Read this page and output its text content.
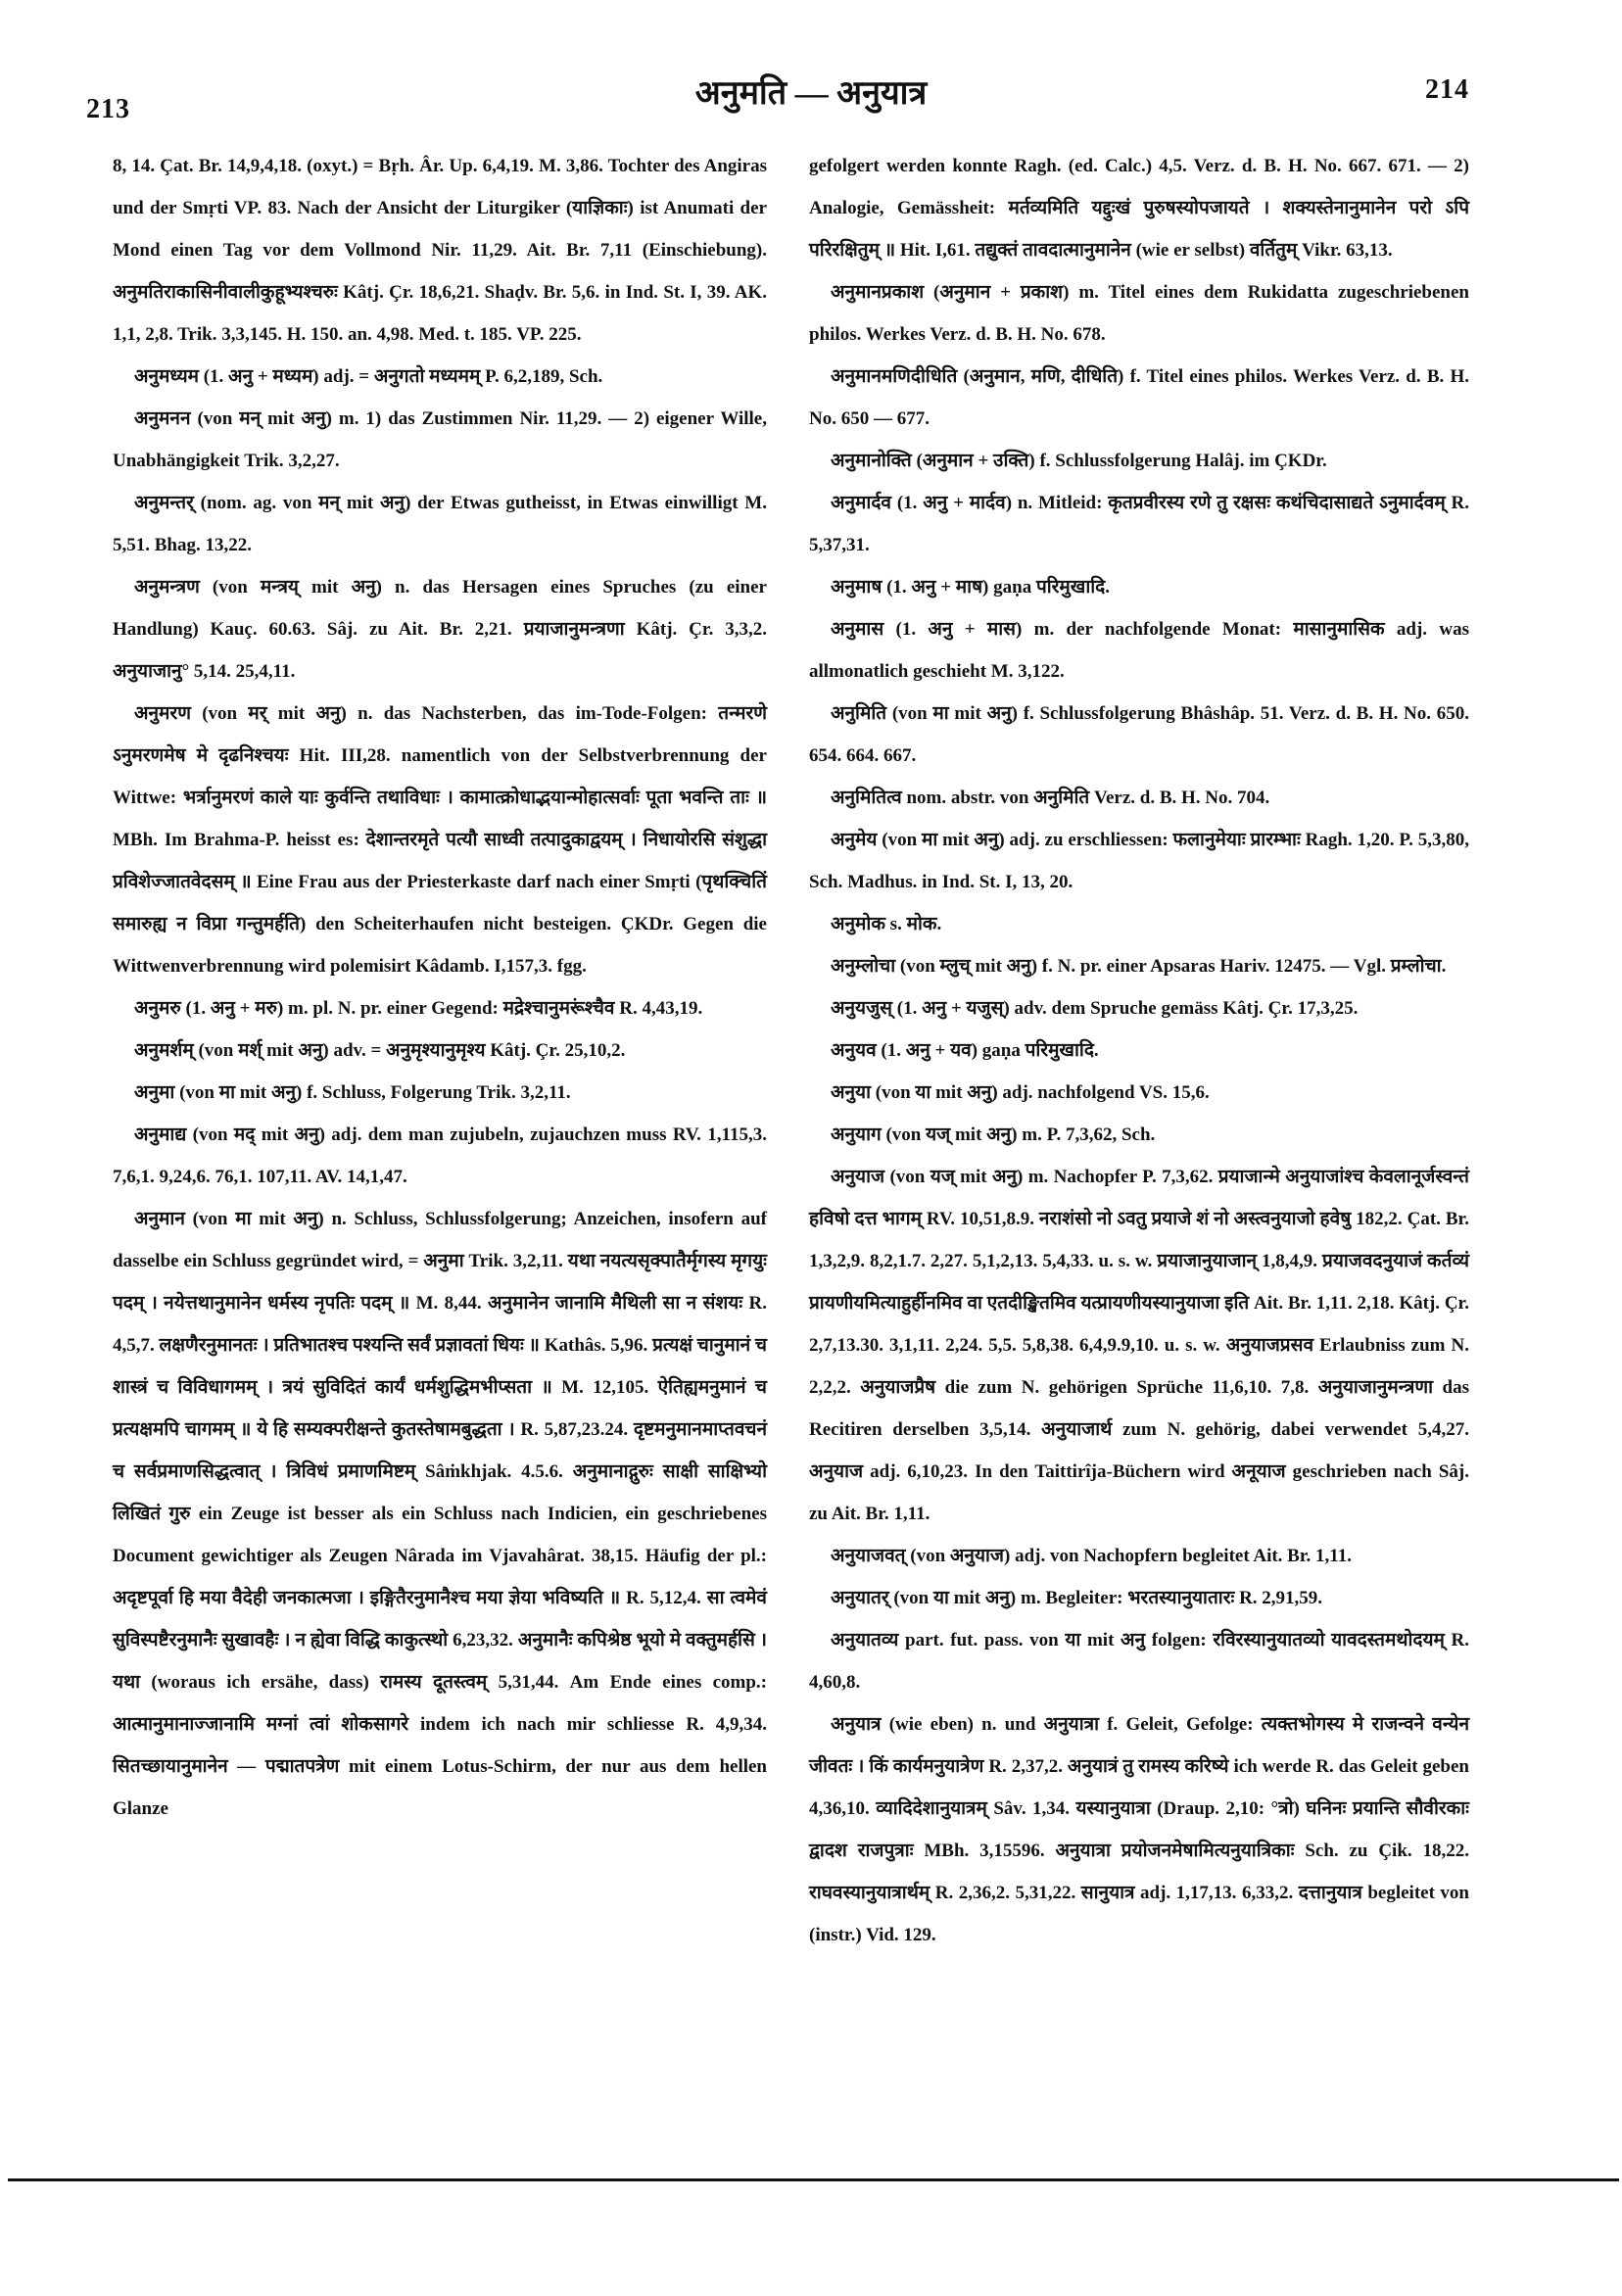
213	अनुमति — अनुयात्र	214

8, 14. Çat. Br. 14,9,4,18. (oxyt.) = Bṛh. Âr. Up. 6,4,19. M. 3,86. Tochter des Angiras und der Smṛti VP. 83. Nach der Ansicht der Liturgiker (याज्ञिकाः) ist Anumati der Mond einen Tag vor dem Vollmond Nir. 11,29. Ait. Br. 7,11 (Einschiebung). अनुमतिराकासिनीवालीकुहूभ्यश्चरुः Kâtj. Çr. 18,6,21. Shaḍv. Br. 5,6. in Ind. St. I, 39. AK. 1,1, 2,8. Trik. 3,3,145. H. 150. an. 4,98. Med. t. 185. VP. 225.

अनुमध्यम (1. अनु + मध्यम) adj. = अनुगतो मध्यमम् P. 6,2,189, Sch.

अनुमनन (von मन् mit अनु) m. 1) das Zustimmen Nir. 11,29. — 2) eigener Wille, Unabhängigkeit Trik. 3,2,27.

अनुमन्तर् (nom. ag. von मन् mit अनु) der Etwas gutheisst, in Etwas einwilligt M. 5,51. Bhag. 13,22.

अनुमन्त्रण (von मन्त्रय् mit अनु) n. das Hersagen eines Spruches (zu einer Handlung) Kauç. 60.63. Sâj. zu Ait. Br. 2,21. प्रयाजानुमन्त्रणा Kâtj. Çr. 3,3,2. अनुयाजानु° 5,14. 25,4,11.

अनुमरण (von मर् mit अनु) n. das Nachsterben, das im-Tode-Folgen: तन्मरणे ऽनुमरणमेष मे दृढनिश्चयः Hit. III,28. namentlich von der Selbstverbrennung der Wittwe: भर्त्रानुमरणं काले याः कुर्वन्ति तथाविधाः । कामात्क्रोधाद्भयान्मोहात्सर्वाः पूता भवन्ति ताः ॥ MBh. Im Brahma-P. heisst es: देशान्तरमृते पत्यौ साध्वी तत्पादुकाद्वयम् । निधायोरसि संशुद्धा प्रविशेज्जातवेदसम् ॥ Eine Frau aus der Priesterkaste darf nach einer Smṛti (पृथक्चितिं समारुह्य न विप्रा गन्तुमर्हति) den Scheiterhaufen nicht besteigen. ÇKDr. Gegen die Wittwenverbrennung wird polemisirt Kâdamb. I,157,3. fgg.

अनुमरु (1. अनु + मरु) m. pl. N. pr. einer Gegend: मद्रेश्चानुमरूंश्चैव R. 4,43,19.

अनुमर्शम् (von मर्श् mit अनु) adv. = अनुमृश्यानुमृश्य Kâtj. Çr. 25,10,2.

अनुमा (von मा mit अनु) f. Schluss, Folgerung Trik. 3,2,11.

अनुमाद्य (von मद् mit अनु) adj. dem man zujubeln, zujauchzen muss RV. 1,115,3. 7,6,1. 9,24,6. 76,1. 107,11. AV. 14,1,47.

अनुमान (von मा mit अनु) n. Schluss, Schlussfolgerung; Anzeichen, insofern auf dasselbe ein Schluss gegründet wird, = अनुमा Trik. 3,2,11. यथा नयत्यसृक्पातैर्मृगस्य मृगयुः पदम् । नयेत्तथानुमानेन धर्मस्य नृपतिः पदम् ॥ M. 8,44. अनुमानेन जानामि मैथिली सा न संशयः R. 4,5,7. लक्षणैरनुमानतः । प्रतिभातश्च पश्यन्ति सर्वं प्रज्ञावतां धियः ॥ Kathâs. 5,96. प्रत्यक्षं चानुमानं च शास्त्रं च विविधागमम् । त्रयं सुविदितं कार्यं धर्मशुद्धिमभीप्सता ॥ M. 12,105. ऐतिह्यमनुमानं च प्रत्यक्षमपि चागमम् ॥ ये हि सम्यक्परीक्षन्ते कुतस्तेषामबुद्धता । R. 5,87,23.24. दृष्टमनुमानमाप्तवचनं च सर्वप्रमाणसिद्धत्वात् । त्रिविधं प्रमाणमिष्टम् Sâṁkhjak. 4.5.6. अनुमानाद्गुरुः साक्षी साक्षिभ्यो लिखितं गुरु ein Zeuge ist besser als ein Schluss nach Indicien, ein geschriebenes Document gewichtiger als Zeugen Nârada im Vjavahârat. 38,15. Häufig der pl.: अदृष्टपूर्वा हि मया वैदेही जनकात्मजा । इङ्गितैरनुमानैश्च मया ज्ञेया भविष्यति ॥ R. 5,12,4. सा त्वमेवं सुविस्पष्टैरनुमानैः सुखावहैः । न ह्येवा विद्धि काकुत्स्थो 6,23,32. अनुमानैः कपिश्रेष्ठ भूयो मे वक्तुमर्हसि । यथा (woraus ich ersähe, dass) रामस्य दूतस्त्वम् 5,31,44. Am Ende eines comp.: आत्मानुमानाज्जानामि मग्नां त्वां शोकसागरे indem ich nach mir schliesse R. 4,9,34. सितच्छायानुमानेन — पद्मातपत्रेण mit einem Lotus-Schirm, der nur aus dem hellen Glanze

gefolgert werden konnte Ragh. (ed. Calc.) 4,5. Verz. d. B. H. No. 667. 671. — 2) Analogie, Gemässheit: मर्तव्यमिति यद्दुःखं पुरुषस्योपजायते । शक्यस्तेनानुमानेन परो ऽपि परिरक्षितुम् ॥ Hit. I,61. तद्युक्तं तावदात्मानुमानेन (wie er selbst) वर्तितुम् Vikr. 63,13.

अनुमानप्रकाश (अनुमान + प्रकाश) m. Titel eines dem Rukidatta zugeschriebenen philos. Werkes Verz. d. B. H. No. 678.

अनुमानमणिदीधिति (अनुमान, मणि, दीधिति) f. Titel eines philos. Werkes Verz. d. B. H. No. 650 — 677.

अनुमानोक्ति (अनुमान + उक्ति) f. Schlussfolgerung Halâj. im ÇKDr.

अनुमार्दव (1. अनु + मार्दव) n. Mitleid: कृतप्रवीरस्य रणे तु रक्षसः कथंचिदासाद्यते ऽनुमार्दवम् R. 5,37,31.

अनुमाष (1. अनु + माष) gaṇa परिमुखादि.

अनुमास (1. अनु + मास) m. der nachfolgende Monat: मासानुमासिक adj. was allmonatlich geschieht M. 3,122.

अनुमिति (von मा mit अनु) f. Schlussfolgerung Bhâshâp. 51. Verz. d. B. H. No. 650. 654. 664. 667.

अनुमितित्व nom. abstr. von अनुमिति Verz. d. B. H. No. 704.

अनुमेय (von मा mit अनु) adj. zu erschliessen: फलानुमेयाः प्रारम्भाः Ragh. 1,20. P. 5,3,80, Sch. Madhus. in Ind. St. I, 13, 20.

अनुमोक s. मोक.

अनुम्लोचा (von म्लुच् mit अनु) f. N. pr. einer Apsaras Hariv. 12475. — Vgl. प्रम्लोचा.

अनुयजुस् (1. अनु + यजुस्) adv. dem Spruche gemäss Kâtj. Çr. 17,3,25.

अनुयव (1. अनु + यव) gaṇa परिमुखादि.

अनुया (von या mit अनु) adj. nachfolgend VS. 15,6.

अनुयाग (von यज् mit अनु) m. P. 7,3,62, Sch.

अनुयाज (von यज् mit अनु) m. Nachopfer P. 7,3,62. प्रयाजान्मे अनुयाजांश्च केवलानूर्जस्वन्तं हविषो दत्त भागम् RV. 10,51,8.9. नराशंसो नो ऽवतु प्रयाजे शं नो अस्त्वनुयाजो हवेषु 182,2. Çat. Br. 1,3,2,9. 8,2,1.7. 2,27. 5,1,2,13. 5,4,33. u. s. w. प्रयाजानुयाजान् 1,8,4,9. प्रयाजवदनुयाजं कर्तव्यं प्रायणीयमित्याहुर्हीनमिव वा एतदीङ्खितमिव यत्प्रायणीयस्यानुयाजा इति Ait. Br. 1,11. 2,18. Kâtj. Çr. 2,7,13.30. 3,1,11. 2,24. 5,5. 5,8,38. 6,4,9.9,10. u. s. w. अनुयाजप्रसव Erlaubniss zum N. 2,2,2. अनुयाजप्रैष die zum N. gehörigen Sprüche 11,6,10. 7,8. अनुयाजानुमन्त्रणा das Recitiren derselben 3,5,14. अनुयाजार्थ zum N. gehörig, dabei verwendet 5,4,27. अनुयाज adj. 6,10,23. In den Taittirîja-Büchern wird अनूयाज geschrieben nach Sâj. zu Ait. Br. 1,11.

अनुयाजवत् (von अनुयाज) adj. von Nachopfern begleitet Ait. Br. 1,11.

अनुयातर् (von या mit अनु) m. Begleiter: भरतस्यानुयातारः R. 2,91,59.

अनुयातव्य part. fut. pass. von या mit अनु folgen: रविरस्यानुयातव्यो यावदस्तमथोदयम् R. 4,60,8.

अनुयात्र (wie eben) n. und अनुयात्रा f. Geleit, Gefolge: त्यक्तभोगस्य मे राजन्वने वन्येन जीवतः । किं कार्यमनुयात्रेण R. 2,37,2. अनुयात्रं तु रामस्य करिष्ये ich werde R. das Geleit geben 4,36,10. व्यादिदेशानुयात्रम् Sâv. 1,34. यस्यानुयात्रा (Draup. 2,10: °त्रो) घनिनः प्रयान्ति सौवीरकाः द्वादश राजपुत्राः MBh. 3,15596. अनुयात्रा प्रयोजनमेषामित्यनुयात्रिकाः Sch. zu Çik. 18,22. राघवस्यानुयात्रार्थम् R. 2,36,2. 5,31,22. सानुयात्र adj. 1,17,13. 6,33,2. दत्तानुयात्र begleitet von (instr.) Vid. 129.
